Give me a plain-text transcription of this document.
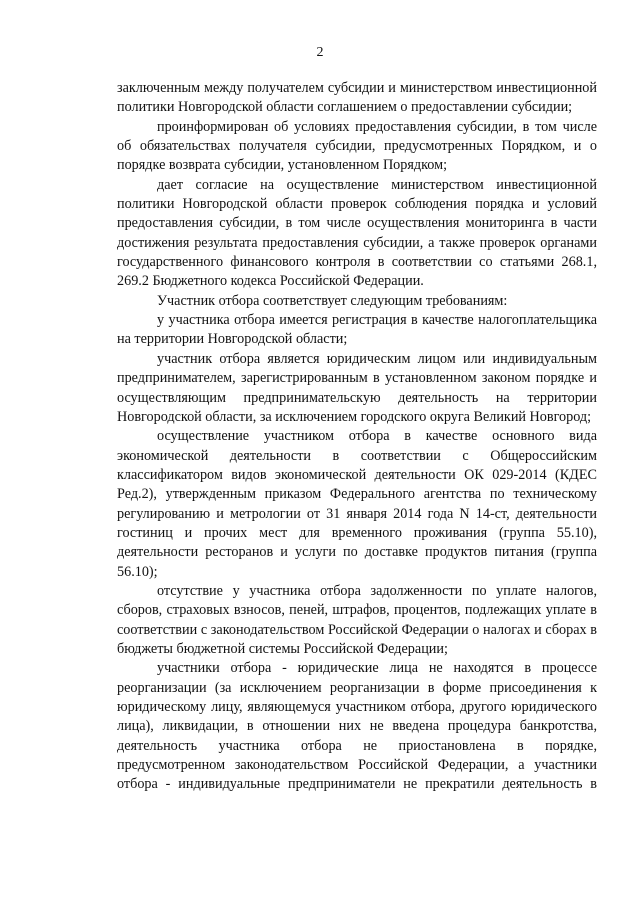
2

заключенным между получателем субсидии и министерством инвестиционной политики Новгородской области соглашением о предоставлении субсидии;

проинформирован об условиях предоставления субсидии, в том числе об обязательствах получателя субсидии, предусмотренных Порядком, и о порядке возврата субсидии, установленном Порядком;

дает согласие на осуществление министерством инвестиционной политики Новгородской области проверок соблюдения порядка и условий предоставления субсидии, в том числе осуществления мониторинга в части достижения результата предоставления субсидии, а также проверок органами государственного финансового контроля в соответствии со статьями 268.1, 269.2 Бюджетного кодекса Российской Федерации.

Участник отбора соответствует следующим требованиям:

у участника отбора имеется регистрация в качестве налогоплательщика на территории Новгородской области;

участник отбора является юридическим лицом или индивидуальным предпринимателем, зарегистрированным в установленном законом порядке и осуществляющим предпринимательскую деятельность на территории Новгородской области, за исключением городского округа Великий Новгород;

осуществление участником отбора в качестве основного вида экономической деятельности в соответствии с Общероссийским классификатором видов экономической деятельности ОК 029-2014 (КДЕС Ред.2), утвержденным приказом Федерального агентства по техническому регулированию и метрологии от 31 января 2014 года N 14-ст, деятельности гостиниц и прочих мест для временного проживания (группа 55.10), деятельности ресторанов и услуги по доставке продуктов питания (группа 56.10);

отсутствие у участника отбора задолженности по уплате налогов, сборов, страховых взносов, пеней, штрафов, процентов, подлежащих уплате в соответствии с законодательством Российской Федерации о налогах и сборах в бюджеты бюджетной системы Российской Федерации;

участники отбора - юридические лица не находятся в процессе реорганизации (за исключением реорганизации в форме присоединения к юридическому лицу, являющемуся участником отбора, другого юридического лица), ликвидации, в отношении них не введена процедура банкротства, деятельность участника отбора не приостановлена в порядке, предусмотренном законодательством Российской Федерации, а участники отбора - индивидуальные предприниматели не прекратили деятельность в
